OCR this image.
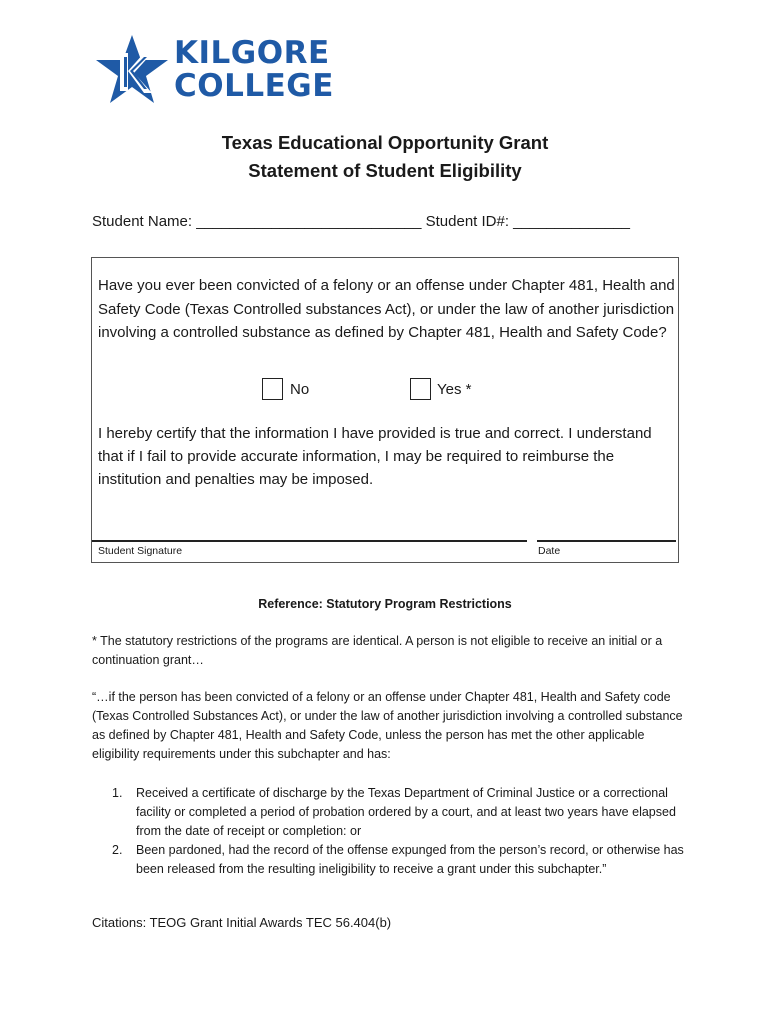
KILGORE
COLLEGE
Texas Educational Opportunity Grant
Statement of Student Eligibility
Student Name: ___________________________ Student ID#: ______________
Have you ever been convicted of a felony or an offense under Chapter 481, Health and Safety Code (Texas Controlled substances Act), or under the law of another jurisdiction involving a controlled substance as defined by Chapter 481, Health and Safety Code?
No	Yes *
I hereby certify that the information I have provided is true and correct. I understand that if I fail to provide accurate information, I may be required to reimburse the institution and penalties may be imposed.
Student Signature	Date
Reference: Statutory Program Restrictions
* The statutory restrictions of the programs are identical. A person is not eligible to receive an initial or a continuation grant…
“…if the person has been convicted of a felony or an offense under Chapter 481, Health and Safety code (Texas Controlled Substances Act), or under the law of another jurisdiction involving a controlled substance as defined by Chapter 481, Health and Safety Code, unless the person has met the other applicable eligibility requirements under this subchapter and has:
1. Received a certificate of discharge by the Texas Department of Criminal Justice or a correctional facility or completed a period of probation ordered by a court, and at least two years have elapsed from the date of receipt or completion: or
2. Been pardoned, had the record of the offense expunged from the person’s record, or otherwise has been released from the resulting ineligibility to receive a grant under this subchapter.”
Citations: TEOG Grant Initial Awards TEC 56.404(b)
